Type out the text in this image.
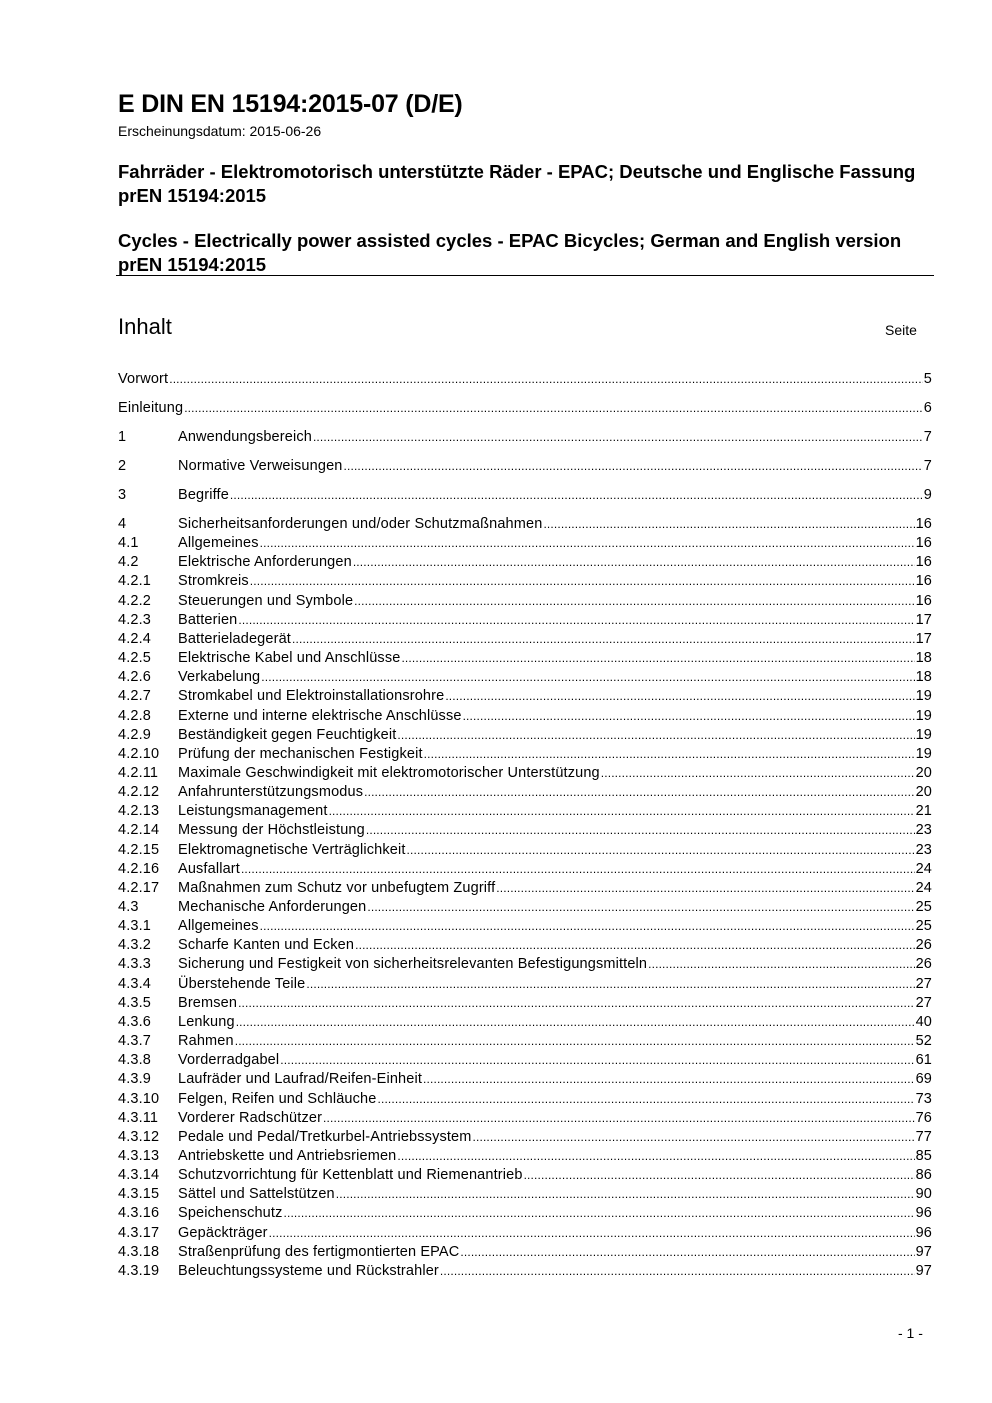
E DIN EN 15194:2015-07 (D/E)
Erscheinungsdatum: 2015-06-26
Fahrräder - Elektromotorisch unterstützte Räder - EPAC; Deutsche und Englische Fassung prEN 15194:2015
Cycles - Electrically power assisted cycles - EPAC Bicycles; German and English version prEN 15194:2015
Inhalt	Seite
Vorwort .....	5
Einleitung .....	6
1	Anwendungsbereich .....	7
2	Normative Verweisungen .....	7
3	Begriffe .....	9
4	Sicherheitsanforderungen und/oder Schutzmaßnahmen .....	16
4.1	Allgemeines .....	16
4.2	Elektrische Anforderungen .....	16
4.2.1	Stromkreis .....	16
4.2.2	Steuerungen und Symbole .....	16
4.2.3	Batterien .....	17
4.2.4	Batterieladegerät .....	17
4.2.5	Elektrische Kabel und Anschlüsse .....	18
4.2.6	Verkabelung .....	18
4.2.7	Stromkabel und Elektroinstallationsrohre .....	19
4.2.8	Externe und interne elektrische Anschlüsse .....	19
4.2.9	Beständigkeit gegen Feuchtigkeit .....	19
4.2.10	Prüfung der mechanischen Festigkeit .....	19
4.2.11	Maximale Geschwindigkeit mit elektromotorischer Unterstützung .....	20
4.2.12	Anfahrunterstützungsmodus .....	20
4.2.13	Leistungsmanagement .....	21
4.2.14	Messung der Höchstleistung .....	23
4.2.15	Elektromagnetische Verträglichkeit .....	23
4.2.16	Ausfallart .....	24
4.2.17	Maßnahmen zum Schutz vor unbefugtem Zugriff .....	24
4.3	Mechanische Anforderungen .....	25
4.3.1	Allgemeines .....	25
4.3.2	Scharfe Kanten und Ecken .....	26
4.3.3	Sicherung und Festigkeit von sicherheitsrelevanten Befestigungsmitteln .....	26
4.3.4	Überstehende Teile .....	27
4.3.5	Bremsen .....	27
4.3.6	Lenkung .....	40
4.3.7	Rahmen .....	52
4.3.8	Vorderradgabel .....	61
4.3.9	Laufräder und Laufrad/Reifen-Einheit .....	69
4.3.10	Felgen, Reifen und Schläuche .....	73
4.3.11	Vorderer Radschützer .....	76
4.3.12	Pedale und Pedal/Tretkurbel-Antriebssystem .....	77
4.3.13	Antriebskette und Antriebsriemen .....	85
4.3.14	Schutzvorrichtung für Kettenblatt und Riemenantrieb .....	86
4.3.15	Sättel und Sattelstützen .....	90
4.3.16	Speichenschutz .....	96
4.3.17	Gepäckträger .....	96
4.3.18	Straßenprüfung des fertigmontierten EPAC .....	97
4.3.19	Beleuchtungssysteme und Rückstrahler .....	97
- 1 -
